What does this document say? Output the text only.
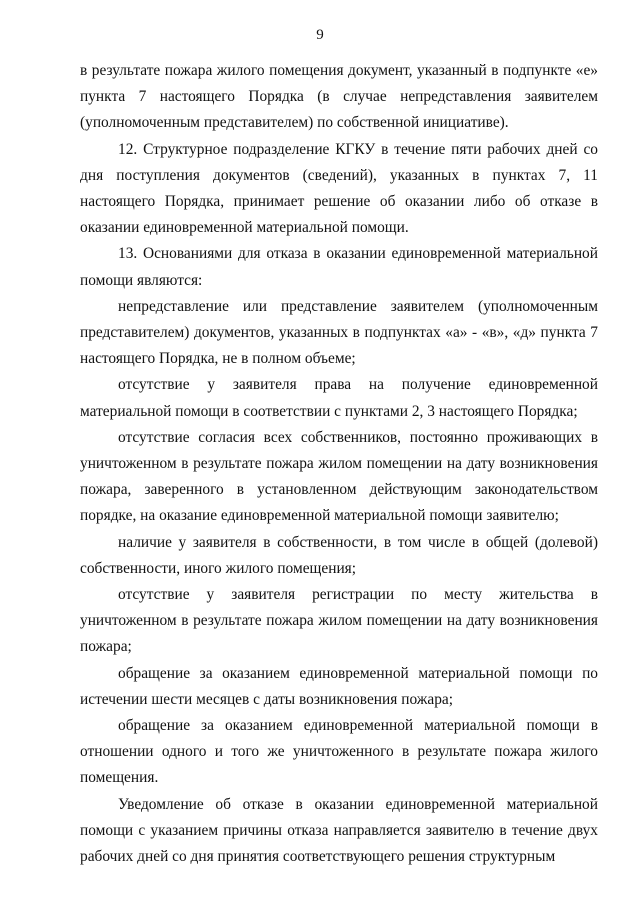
9

в результате пожара жилого помещения документ, указанный в подпункте «е» пункта 7 настоящего Порядка (в случае непредставления заявителем (уполномоченным представителем) по собственной инициативе).

12. Структурное подразделение КГКУ в течение пяти рабочих дней со дня поступления документов (сведений), указанных в пунктах 7, 11 настоящего Порядка, принимает решение об оказании либо об отказе в оказании единовременной материальной помощи.

13. Основаниями для отказа в оказании единовременной материальной помощи являются:

непредставление или представление заявителем (уполномоченным представителем) документов, указанных в подпунктах «а» - «в», «д» пункта 7 настоящего Порядка, не в полном объеме;

отсутствие у заявителя права на получение единовременной материальной помощи в соответствии с пунктами 2, 3 настоящего Порядка;

отсутствие согласия всех собственников, постоянно проживающих в уничтоженном в результате пожара жилом помещении на дату возникновения пожара, заверенного в установленном действующим законодательством порядке, на оказание единовременной материальной помощи заявителю;

наличие у заявителя в собственности, в том числе в общей (долевой) собственности, иного жилого помещения;

отсутствие у заявителя регистрации по месту жительства в уничтоженном в результате пожара жилом помещении на дату возникновения пожара;

обращение за оказанием единовременной материальной помощи по истечении шести месяцев с даты возникновения пожара;

обращение за оказанием единовременной материальной помощи в отношении одного и того же уничтоженного в результате пожара жилого помещения.

Уведомление об отказе в оказании единовременной материальной помощи с указанием причины отказа направляется заявителю в течение двух рабочих дней со дня принятия соответствующего решения структурным
